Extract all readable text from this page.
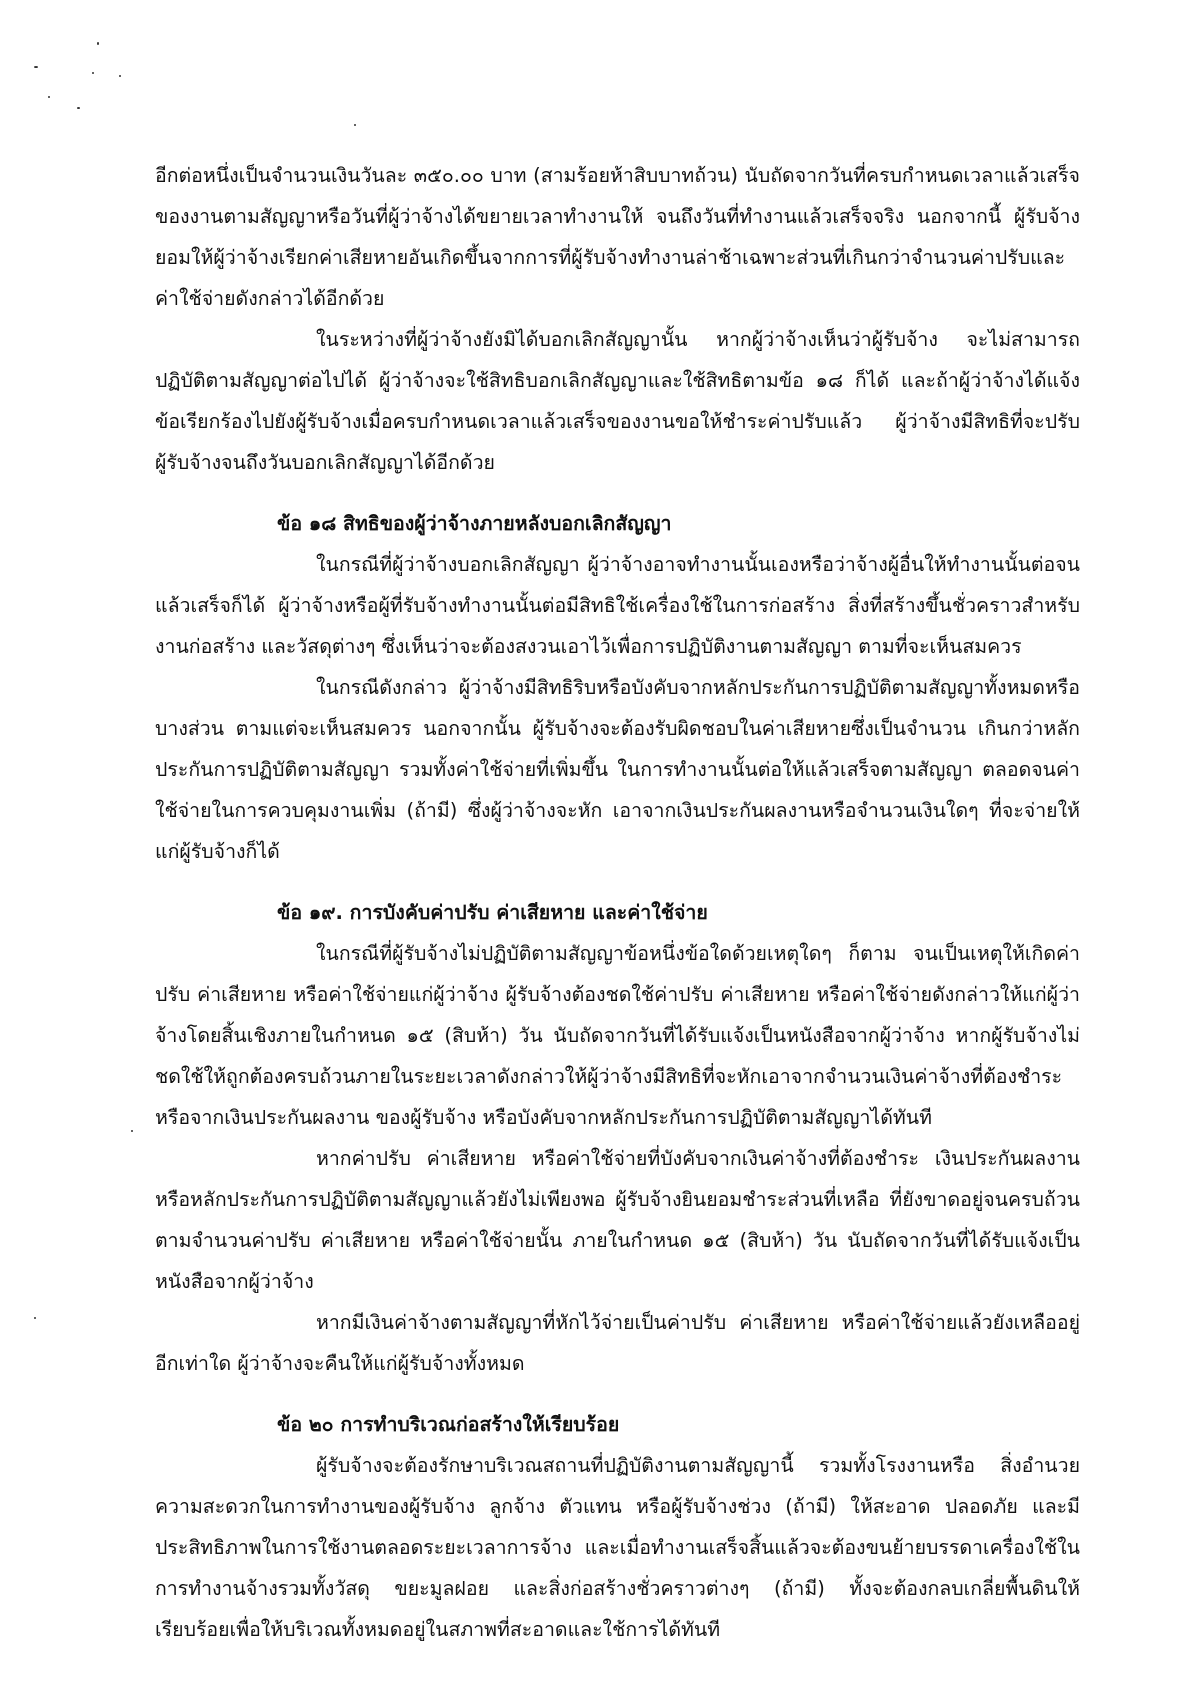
อีกต่อหนึ่งเป็นจำนวนเงินวันละ ๓๕๐.๐๐ บาท (สามร้อยห้าสิบบาทถ้วน) นับถัดจากวันที่ครบกำหนดเวลาแล้วเสร็จของงานตามสัญญาหรือวันที่ผู้ว่าจ้างได้ขยายเวลาทำงานให้ จนถึงวันที่ทำงานแล้วเสร็จจริง นอกจากนี้ ผู้รับจ้างยอมให้ผู้ว่าจ้างเรียกค่าเสียหายอันเกิดขึ้นจากการที่ผู้รับจ้างทำงานล่าช้าเฉพาะส่วนที่เกินกว่าจำนวนค่าปรับและค่าใช้จ่ายดังกล่าวได้อีกด้วย

ในระหว่างที่ผู้ว่าจ้างยังมิได้บอกเลิกสัญญานั้น หากผู้ว่าจ้างเห็นว่าผู้รับจ้าง จะไม่สามารถปฏิบัติตามสัญญาต่อไปได้ ผู้ว่าจ้างจะใช้สิทธิบอกเลิกสัญญาและใช้สิทธิตามข้อ ๑๘ ก็ได้ และถ้าผู้ว่าจ้างได้แจ้งข้อเรียกร้องไปยังผู้รับจ้างเมื่อครบกำหนดเวลาแล้วเสร็จของงานขอให้ชำระค่าปรับแล้ว ผู้ว่าจ้างมีสิทธิที่จะปรับผู้รับจ้างจนถึงวันบอกเลิกสัญญาได้อีกด้วย

ข้อ ๑๘ สิทธิของผู้ว่าจ้างภายหลังบอกเลิกสัญญา

ในกรณีที่ผู้ว่าจ้างบอกเลิกสัญญา ผู้ว่าจ้างอาจทำงานนั้นเองหรือว่าจ้างผู้อื่นให้ทำงานนั้นต่อจนแล้วเสร็จก็ได้ ผู้ว่าจ้างหรือผู้ที่รับจ้างทำงานนั้นต่อมีสิทธิใช้เครื่องใช้ในการก่อสร้าง สิ่งที่สร้างขึ้นชั่วคราวสำหรับงานก่อสร้าง และวัสดุต่างๆ ซึ่งเห็นว่าจะต้องสงวนเอาไว้เพื่อการปฏิบัติงานตามสัญญา ตามที่จะเห็นสมควร

ในกรณีดังกล่าว ผู้ว่าจ้างมีสิทธิริบหรือบังคับจากหลักประกันการปฏิบัติตามสัญญาทั้งหมดหรือบางส่วน ตามแต่จะเห็นสมควร นอกจากนั้น ผู้รับจ้างจะต้องรับผิดชอบในค่าเสียหายซึ่งเป็นจำนวน เกินกว่าหลักประกันการปฏิบัติตามสัญญา รวมทั้งค่าใช้จ่ายที่เพิ่มขึ้น ในการทำงานนั้นต่อให้แล้วเสร็จตามสัญญา ตลอดจนค่าใช้จ่ายในการควบคุมงานเพิ่ม (ถ้ามี) ซึ่งผู้ว่าจ้างจะหัก เอาจากเงินประกันผลงานหรือจำนวนเงินใดๆ ที่จะจ่ายให้แก่ผู้รับจ้างก็ได้

ข้อ ๑๙. การบังคับค่าปรับ ค่าเสียหาย และค่าใช้จ่าย

ในกรณีที่ผู้รับจ้างไม่ปฏิบัติตามสัญญาข้อหนึ่งข้อใดด้วยเหตุใดๆ ก็ตาม จนเป็นเหตุให้เกิดค่าปรับ ค่าเสียหาย หรือค่าใช้จ่ายแก่ผู้ว่าจ้าง ผู้รับจ้างต้องชดใช้ค่าปรับ ค่าเสียหาย หรือค่าใช้จ่ายดังกล่าวให้แก่ผู้ว่าจ้างโดยสิ้นเชิงภายในกำหนด ๑๕ (สิบห้า) วัน นับถัดจากวันที่ได้รับแจ้งเป็นหนังสือจากผู้ว่าจ้าง หากผู้รับจ้างไม่ชดใช้ให้ถูกต้องครบถ้วนภายในระยะเวลาดังกล่าวให้ผู้ว่าจ้างมีสิทธิที่จะหักเอาจากจำนวนเงินค่าจ้างที่ต้องชำระหรือจากเงินประกันผลงาน ของผู้รับจ้าง หรือบังคับจากหลักประกันการปฏิบัติตามสัญญาได้ทันที

หากค่าปรับ ค่าเสียหาย หรือค่าใช้จ่ายที่บังคับจากเงินค่าจ้างที่ต้องชำระ เงินประกันผลงานหรือหลักประกันการปฏิบัติตามสัญญาแล้วยังไม่เพียงพอ ผู้รับจ้างยินยอมชำระส่วนที่เหลือ ที่ยังขาดอยู่จนครบถ้วนตามจำนวนค่าปรับ ค่าเสียหาย หรือค่าใช้จ่ายนั้น ภายในกำหนด ๑๕ (สิบห้า) วัน นับถัดจากวันที่ได้รับแจ้งเป็นหนังสือจากผู้ว่าจ้าง

หากมีเงินค่าจ้างตามสัญญาที่หักไว้จ่ายเป็นค่าปรับ ค่าเสียหาย หรือค่าใช้จ่ายแล้วยังเหลืออยู่อีกเท่าใด ผู้ว่าจ้างจะคืนให้แก่ผู้รับจ้างทั้งหมด

ข้อ ๒๐ การทำบริเวณก่อสร้างให้เรียบร้อย

ผู้รับจ้างจะต้องรักษาบริเวณสถานที่ปฏิบัติงานตามสัญญานี้ รวมทั้งโรงงานหรือ สิ่งอำนวยความสะดวกในการทำงานของผู้รับจ้าง ลูกจ้าง ตัวแทน หรือผู้รับจ้างช่วง (ถ้ามี) ให้สะอาด ปลอดภัย และมีประสิทธิภาพในการใช้งานตลอดระยะเวลาการจ้าง และเมื่อทำงานเสร็จสิ้นแล้วจะต้องขนย้ายบรรดาเครื่องใช้ในการทำงานจ้างรวมทั้งวัสดุ ขยะมูลฝอย และสิ่งก่อสร้างชั่วคราวต่างๆ (ถ้ามี) ทั้งจะต้องกลบเกลี่ยพื้นดินให้เรียบร้อยเพื่อให้บริเวณทั้งหมดอยู่ในสภาพที่สะอาดและใช้การได้ทันที
